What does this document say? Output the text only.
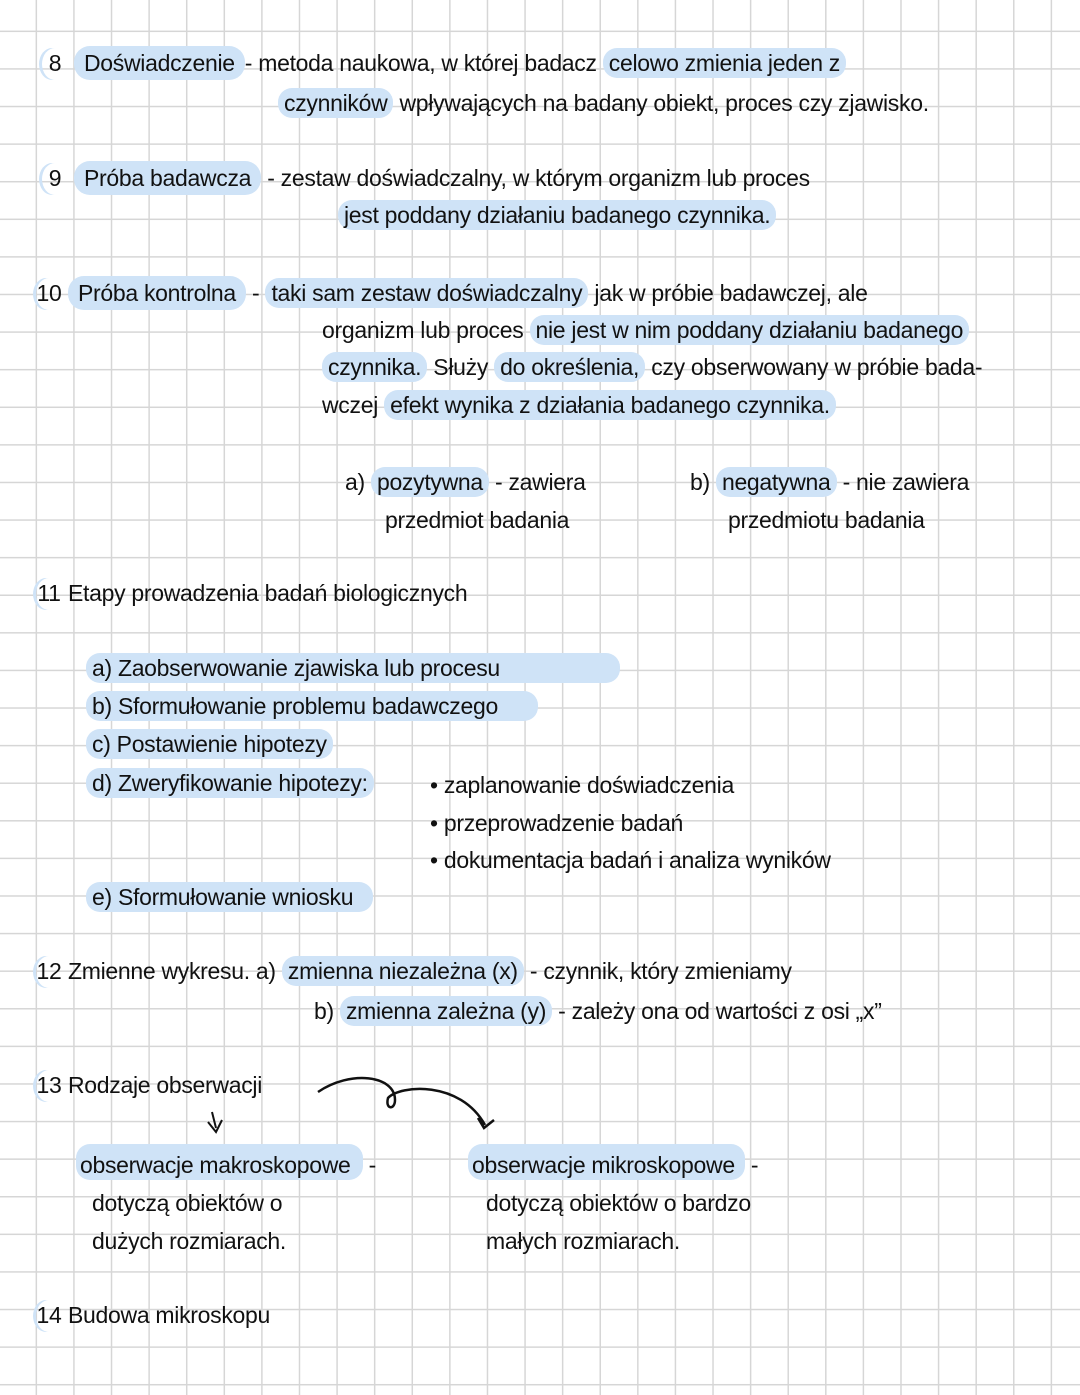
8 Doświadczenie - metoda naukowa, w której badacz celowo zmienia jeden z
czynników wpływających na badany obiekt, proces czy zjawisko.
9 Próba badawcza - zestaw doświadczalny, w którym organizm lub proces
jest poddany działaniu badanego czynnika.
10 Próba kontrolna - taki sam zestaw doświadczalny jak w próbie badawczej, ale
organizm lub proces nie jest w nim poddany działaniu badanego
czynnika. Służy do określenia, czy obserwowany w próbie bada-
wczej efekt wynika z działania badanego czynnika.
a) pozytywna - zawiera
przedmiot badania
b) negatywna - nie zawiera
przedmiotu badania
11 Etapy prowadzenia badań biologicznych
a) Zaobserwowanie zjawiska lub procesu
b) Sformułowanie problemu badawczego
c) Postawienie hipotezy
d) Zweryfikowanie hipotezy:	• zaplanowanie doświadczenia
• przeprowadzenie badań
• dokumentacja badań i analiza wyników
e) Sformułowanie wniosku
12 Zmienne wykresu. a) zmienna niezależna (x) - czynnik, który zmieniamy
b) zmienna zależna (y) - zależy ona od wartości z osi „x”
13 Rodzaje obserwacji
obserwacje makroskopowe -
dotyczą obiektów o
dużych rozmiarach.
obserwacje mikroskopowe -
dotyczą obiektów o bardzo
małych rozmiarach.
14 Budowa mikroskopu
